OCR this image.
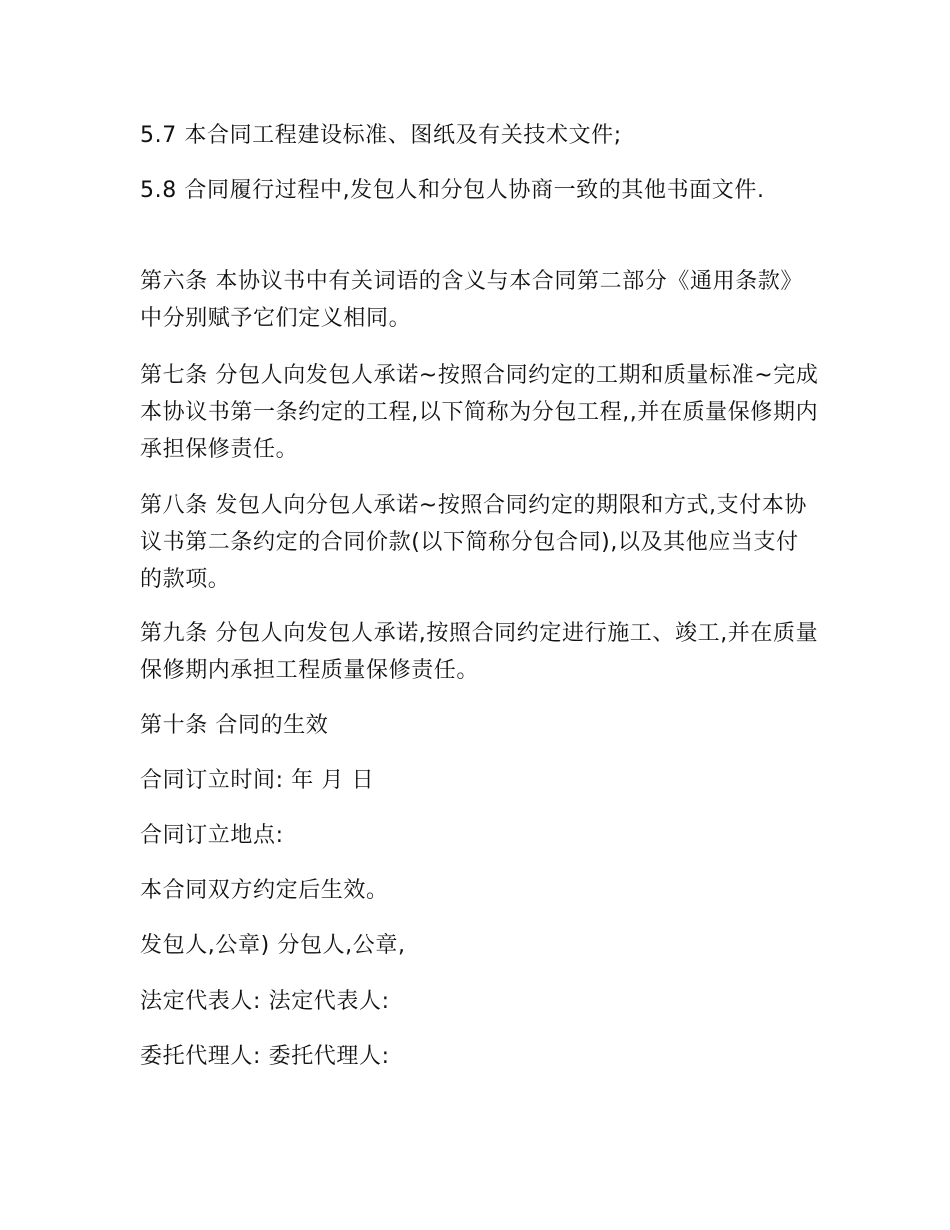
5.7 本合同工程建设标准、图纸及有关技术文件;

5.8 合同履行过程中,发包人和分包人协商一致的其他书面文件.

第六条 本协议书中有关词语的含义与本合同第二部分《通用条款》中分别赋予它们定义相同。

第七条 分包人向发包人承诺~按照合同约定的工期和质量标准~完成本协议书第一条约定的工程,以下简称为分包工程,,并在质量保修期内承担保修责任。

第八条 发包人向分包人承诺~按照合同约定的期限和方式,支付本协议书第二条约定的合同价款(以下简称分包合同),以及其他应当支付的款项。

第九条 分包人向发包人承诺,按照合同约定进行施工、竣工,并在质量保修期内承担工程质量保修责任。

第十条 合同的生效

合同订立时间: 年 月 日

合同订立地点:

本合同双方约定后生效。

发包人,公章) 分包人,公章,

法定代表人: 法定代表人:

委托代理人: 委托代理人:
